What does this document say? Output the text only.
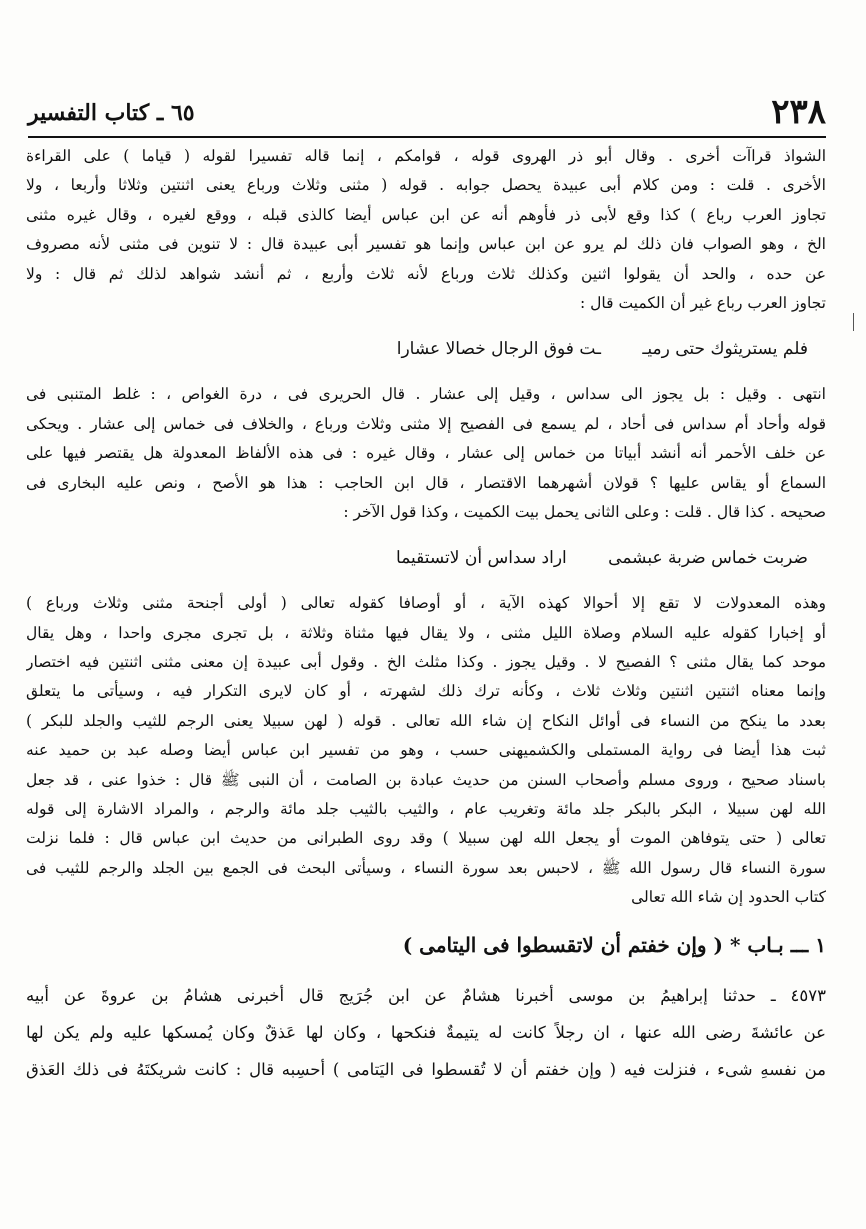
٢٣٨
٦٥ ـ كتاب التفسير
الشواذ قراآت أخرى . وقال أبو ذر الهروى قوله ، قوامكم ، إنما قاله تفسيرا لقوله ( قياما ) على القراءة
الأخرى . قلت : ومن كلام أبى عبيدة يحصل جوابه . قوله ( مثنى وثلاث ورباع يعنى اثنتين وثلاثا وأربعا ، ولا
تجاوز العرب رباع ) كذا وقع لأبى ذر فأوهم أنه عن ابن عباس أيضا كالذى قبله ، ووقع لغيره ، وقال غيره مثنى
الخ ، وهو الصواب فان ذلك لم يرو عن ابن عباس وإنما هو تفسير أبى عبيدة قال : لا تنوين فى مثنى لأنه مصروف
عن حده ، والحد أن يقولوا اثنين وكذلك ثلاث ورباع لأنه ثلاث وأربع ، ثم أنشد شواهد لذلك ثم قال : ولا
تجاوز العرب رباع غير أن الكميت قال :
فلم يستريثوك حتى رميـ ـت فوق الرجال خصالا عشارا
انتهى . وقيل : بل يجوز الى سداس ، وقيل إلى عشار . قال الحريرى فى ، درة الغواص ، : غلط المتنبى فى
قوله وأحاد أم سداس فى أحاد ، لم يسمع فى الفصيح إلا مثنى وثلاث ورباع ، والخلاف فى خماس إلى عشار . ويحكى
عن خلف الأحمر أنه أنشد أبياتا من خماس إلى عشار ، وقال غيره : فى هذه الألفاظ المعدولة هل يقتصر فيها على
السماع أو يقاس عليها ؟ قولان أشهرهما الاقتصار ، قال ابن الحاجب : هذا هو الأصح ، ونص عليه البخارى فى
صحيحه . كذا قال . قلت : وعلى الثانى يحمل بيت الكميت ، وكذا قول الآخر :
ضربت خماس ضربة عبشمى اراد سداس أن لاتستقيما
وهذه المعدولات لا تقع إلا أحوالا كهذه الآية ، أو أوصافا كقوله تعالى ( أولى أجنحة مثنى وثلاث ورباع )
أو إخبارا كقوله عليه السلام وصلاة الليل مثنى ، ولا يقال فيها مثناة وثلاثة ، بل تجرى مجرى واحدا ، وهل يقال
موحد كما يقال مثنى ؟ الفصيح لا . وقيل يجوز . وكذا مثلث الخ . وقول أبى عبيدة إن معنى مثنى اثنتين فيه اختصار
وإنما معناه اثنتين اثنتين وثلاث ثلاث ، وكأنه ترك ذلك لشهرته ، أو كان لايرى التكرار فيه ، وسيأتى ما يتعلق
بعدد ما ينكح من النساء فى أوائل النكاح إن شاء الله تعالى . قوله ( لهن سبيلا يعنى الرجم للثيب والجلد للبكر )
ثبت هذا أيضا فى رواية المستملى والكشميهنى حسب ، وهو من تفسير ابن عباس أيضا وصله عبد بن حميد عنه
باسناد صحيح ، وروى مسلم وأصحاب السنن من حديث عبادة بن الصامت ، أن النبى ﷺ قال : خذوا عنى ، قد جعل
الله لهن سبيلا ، البكر بالبكر جلد مائة وتغريب عام ، والثيب بالثيب جلد مائة والرجم ، والمراد الاشارة إلى قوله
تعالى ( حتى يتوفاهن الموت أو يجعل الله لهن سبيلا ) وقد روى الطبرانى من حديث ابن عباس قال : فلما نزلت
سورة النساء قال رسول الله ﷺ ، لاحبس بعد سورة النساء ، وسيأتى البحث فى الجمع بين الجلد والرجم للثيب فى
كتاب الحدود إن شاء الله تعالى
١ ـــ بـاب * ( وإن خفتم أن لاتقسطوا فى اليتامى )
٤٥٧٣ ـ حدثنا إبراهيمُ بن موسى أخبرنا هشامٌ عن ابن جُرَيج قال أخبرنى هشامُ بن عروةَ عن أبيه
عن عائشةَ رضى الله عنها ، ان رجلاً كانت له يتيمةٌ فنكحها ، وكان لها عَذقٌ وكان يُمسكها عليه ولم يكن لها
من نفسهِ شىء ، فنزلت فيه ( وإن خفتم أن لا تُقسطوا فى اليَتامى ) أحسِبه قال : كانت شريكتَهُ فى ذلك العَذق
